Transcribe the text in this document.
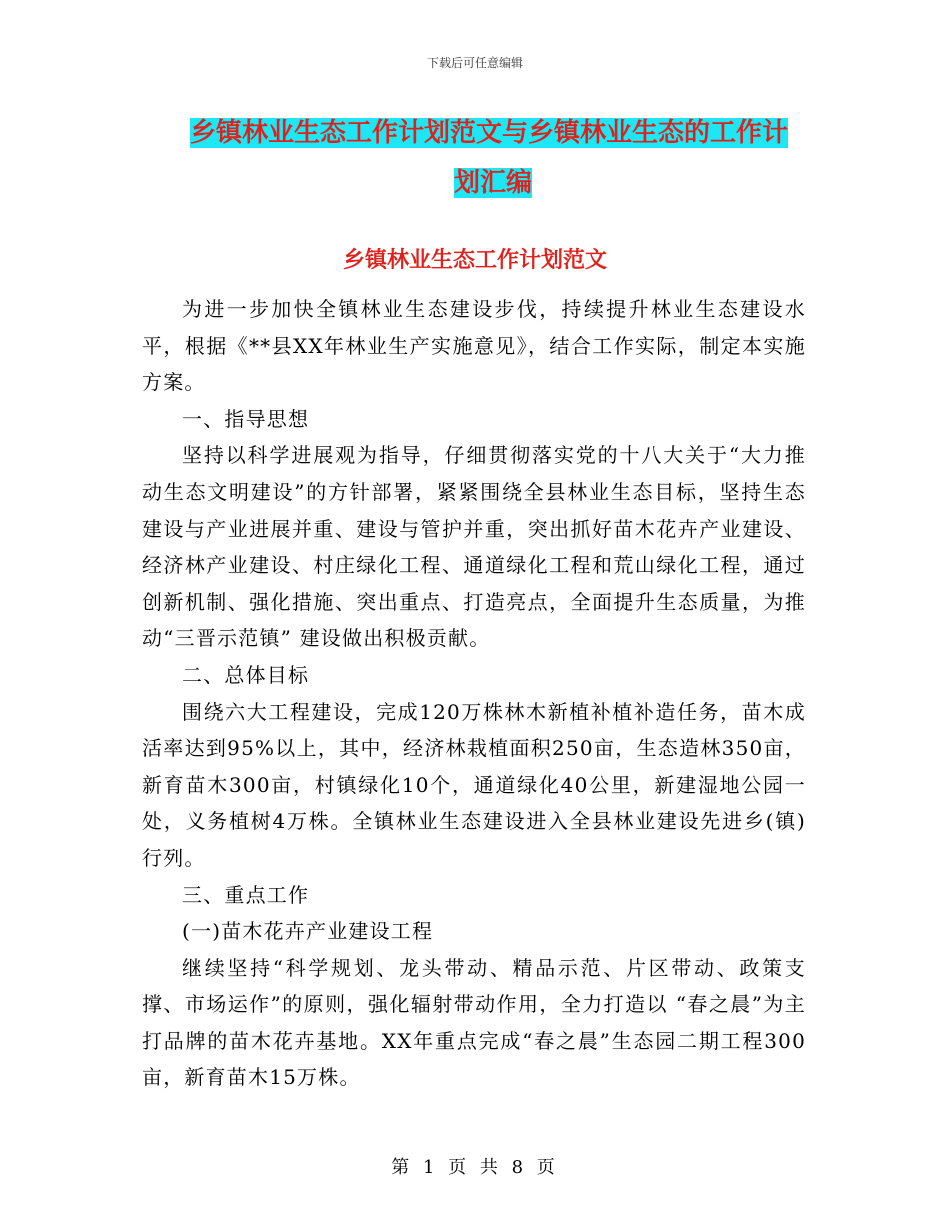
下载后可任意编辑
乡镇林业生态工作计划范文与乡镇林业生态的工作计
划汇编
乡镇林业生态工作计划范文

为进一步加快全镇林业生态建设步伐，持续提升林业生态建设水平，根据《**县XX年林业生产实施意见》，结合工作实际，制定本实施方案。

一、指导思想

坚持以科学进展观为指导，仔细贯彻落实党的十八大关于“大力推动生态文明建设”的方针部署，紧紧围绕全县林业生态目标，坚持生态建设与产业进展并重、建设与管护并重，突出抓好苗木花卉产业建设、经济林产业建设、村庄绿化工程、通道绿化工程和荒山绿化工程，通过创新机制、强化措施、突出重点、打造亮点，全面提升生态质量，为推动“三晋示范镇” 建设做出积极贡献。

二、总体目标

围绕六大工程建设，完成120万株林木新植补植补造任务，苗木成活率达到95%以上，其中，经济林栽植面积250亩，生态造林350亩，新育苗木300亩，村镇绿化10个，通道绿化40公里，新建湿地公园一处，义务植树4万株。全镇林业生态建设进入全县林业建设先进乡(镇)行列。

三、重点工作

(一)苗木花卉产业建设工程

继续坚持“科学规划、龙头带动、精品示范、片区带动、政策支撑、市场运作”的原则，强化辐射带动作用，全力打造以 “春之晨”为主打品牌的苗木花卉基地。XX年重点完成“春之晨”生态园二期工程300亩，新育苗木15万株。

第 1 页 共 8 页
